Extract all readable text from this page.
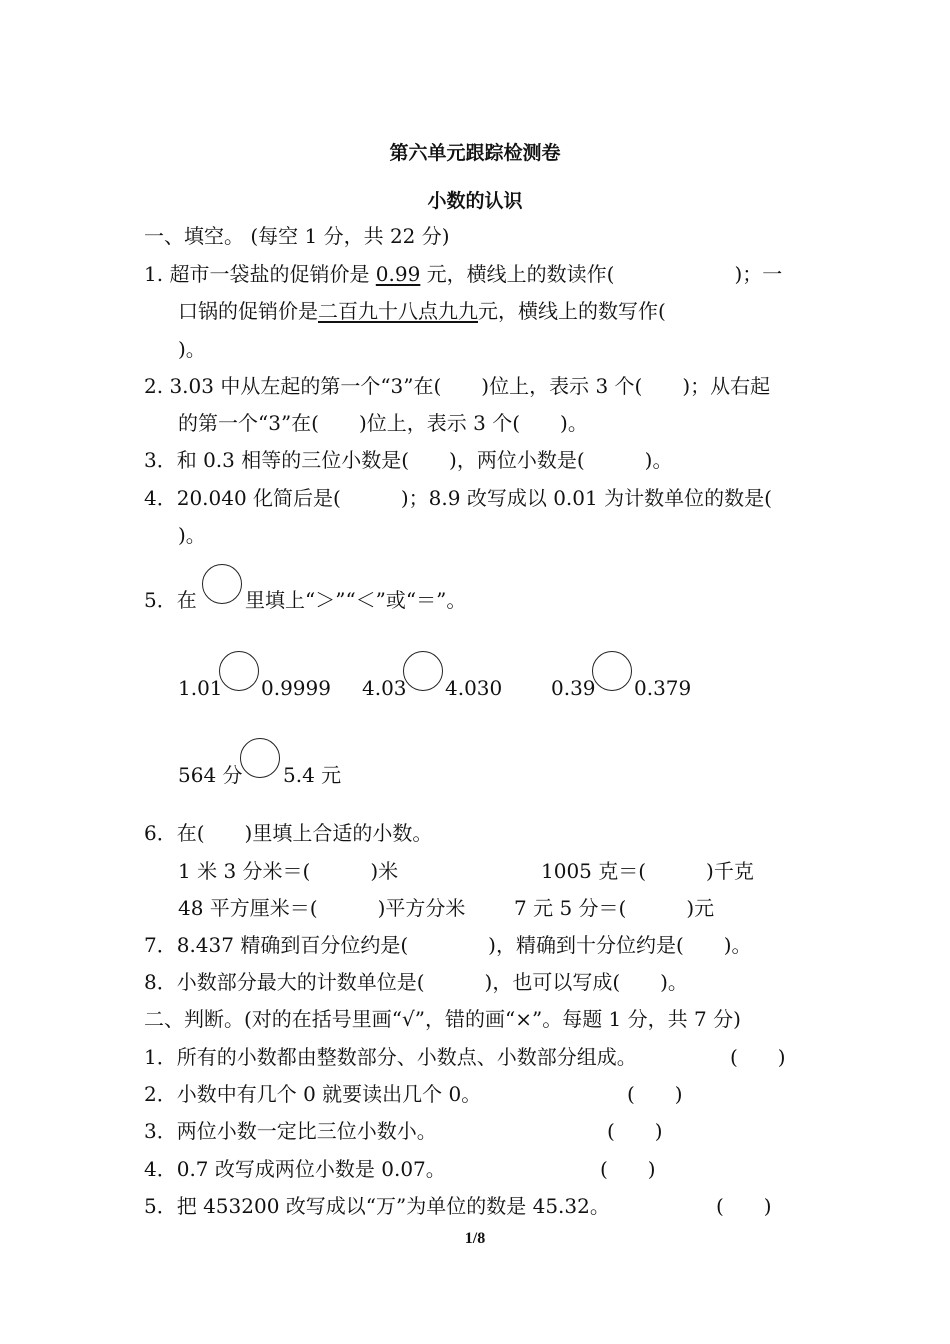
第六单元跟踪检测卷
小数的认识
一、填空。 (每空 1 分，共 22 分)
1. 超市一袋盐的促销价是 0.99 元，横线上的数读作(　　　　　　)；一
口锅的促销价是二百九十八点九九元，横线上的数写作(
)。
2. 3.03 中从左起的第一个“3”在(　　)位上，表示 3 个(　　)；从右起
的第一个“3”在(　　)位上，表示 3 个(　　)。
3．和 0.3 相等的三位小数是(　　)，两位小数是(　　　)。
4．20.040 化简后是(　　　)；8.9 改写成以 0.01 为计数单位的数是(
)。
5．在 里填上“＞”“＜”或“＝”。
1.01 0.9999 4.03 4.030 0.39 0.379
564 分 5.4 元
6．在(　　)里填上合适的小数。
1 米 3 分米＝(　　　)米	1005 克＝(　　　)千克
48 平方厘米＝(　　　)平方分米 7 元 5 分＝(　　　)元
7．8.437 精确到百分位约是(　　　　)，精确到十分位约是(　　)。
8．小数部分最大的计数单位是(　　　)，也可以写成(　　)。
二、判断。(对的在括号里画“√”，错的画“×”。每题 1 分，共 7 分)
1．所有的小数都由整数部分、小数点、小数部分组成。	(　　)
2．小数中有几个 0 就要读出几个 0。	(　　)
3．两位小数一定比三位小数小。	(　　)
4．0.7 改写成两位小数是 0.07。	(　　)
5．把 453200 改写成以“万”为单位的数是 45.32。	(　　)
1/8
